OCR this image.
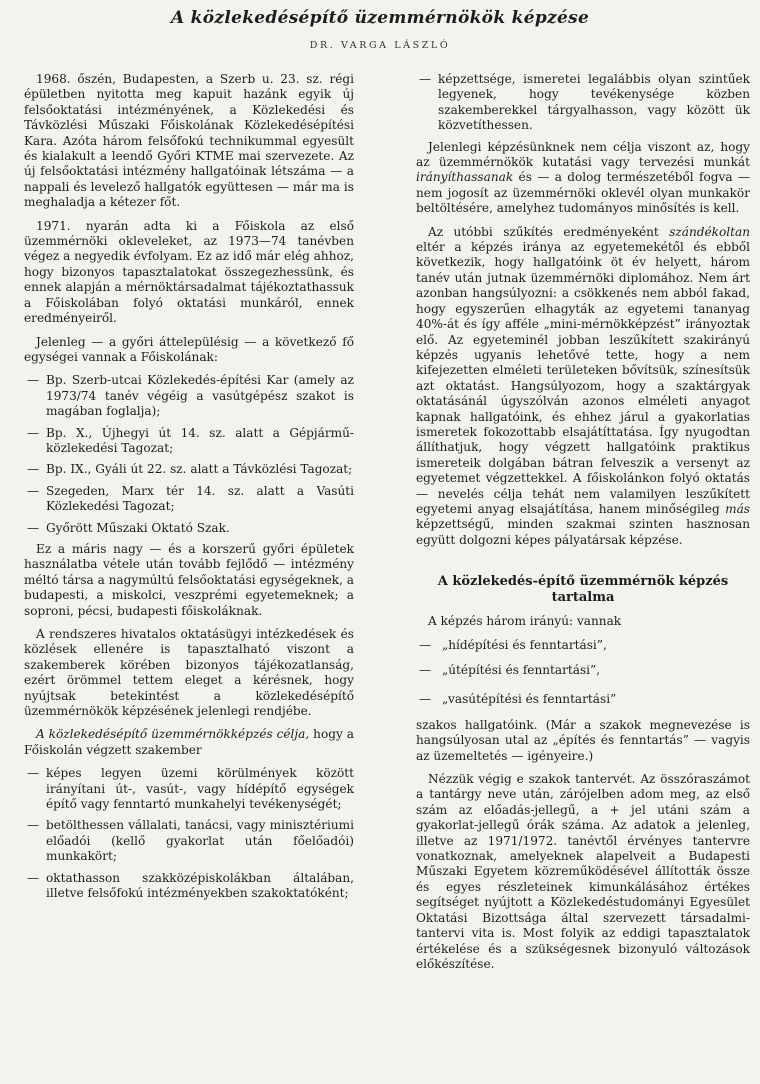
A közlekedésépítő üzemmérnökök képzése
DR. VARGA LÁSZLÓ

1968. őszén, Budapesten, a Szerb u. 23. sz. régi épületben nyitotta meg kapuit hazánk egyik új felsőoktatási intézményének, a Közlekedési és Távközlési Műszaki Főiskolának Közlekedésépítési Kara. Azóta három felsőfokú technikummal egyesült és kialakult a leendő Győri KTME mai szervezete. Az új felsőoktatási intézmény hallgatóinak létszáma — a nappali és levelező hallgatók együttesen — már ma is meghaladja a kétezer főt.

1971. nyarán adta ki a Főiskola az első üzemmérnöki okleveleket, az 1973—74 tanévben végez a negyedik évfolyam. Ez az idő már elég ahhoz, hogy bizonyos tapasztalatokat összegezhessünk, és ennek alapján a mérnöktársadalmat tájékoztathassuk a Főiskolában folyó oktatási munkáról, ennek eredményeiről.

Jelenleg — a győri áttelepülésig — a következő fő egységei vannak a Főiskolának:

— Bp. Szerb-utcai Közlekedés-építési Kar (amely az 1973/74 tanév végéig a vasútgépész szakot is magában foglalja);
— Bp. X., Újhegyi út 14. sz. alatt a Gépjármű-közlekedési Tagozat;
— Bp. IX., Gyáli út 22. sz. alatt a Távközlési Tagozat;
— Szegeden, Marx tér 14. sz. alatt a Vasúti Közlekedési Tagozat;
— Győrött Műszaki Oktató Szak.

Ez a máris nagy — és a korszerű győri épületek használatba vétele után tovább fejlődő — intézmény méltó társa a nagymúltú felsőoktatási egységeknek, a budapesti, a miskolci, veszprémi egyetemeknek; a soproni, pécsi, budapesti főiskoláknak.

A rendszeres hivatalos oktatásügyi intézkedések és közlések ellenére is tapasztalható viszont a szakemberek körében bizonyos tájékozatlanság, ezért örömmel tettem eleget a kérésnek, hogy nyújtsak betekintést a közlekedésépítő üzemmérnökök képzésének jelenlegi rendjébe.

A közlekedésépítő üzemmérnökképzés célja, hogy a Főiskolán végzett szakember

— képes legyen üzemi körülmények között irányítani út-, vasút-, vagy hídépítő egységek építő vagy fenntartó munkahelyi tevékenységét;
— betölthessen vállalati, tanácsi, vagy minisztériumi előadói (kellő gyakorlat után főelőadói) munkakört;
— oktathasson szakközépiskolákban általában, illetve felsőfokú intézményekben szakoktatóként;
— képzettsége, ismeretei legalábbis olyan szintűek legyenek, hogy tevékenysége közben szakemberekkel tárgyalhasson, vagy között ük közvetíthessen.

Jelenlegi képzésünknek nem célja viszont az, hogy az üzemmérnökök kutatási vagy tervezési munkát irányíthassanak és — a dolog természetéből fogva — nem jogosít az üzemmérnöki oklevél olyan munkakör beltöltésére, amelyhez tudományos minősítés is kell.

Az utóbbi szűkítés eredményeként szándékoltan eltér a képzés iránya az egyetemekétől és ebből következik, hogy hallgatóink öt év helyett, három tanév után jutnak üzemmérnöki diplomához. Nem árt azonban hangsúlyozni: a csökkenés nem abból fakad, hogy egyszerűen elhagyták az egyetemi tananyag 40%-át és így afféle „mini-mérnökképzést” irányoztak elő. Az egyeteminél jobban leszűkített szakirányú képzés ugyanis lehetővé tette, hogy a nem kifejezetten elméleti területeken bővítsük, színesítsük azt oktatást. Hangsúlyozom, hogy a szaktárgyak oktatásánál úgyszólván azonos elméleti anyagot kapnak hallgatóink, és ehhez járul a gyakorlatias ismeretek fokozottabb elsajátíttatása. Így nyugodtan állíthatjuk, hogy végzett hallgatóink praktikus ismereteik dolgában bátran felveszik a versenyt az egyetemet végzettekkel. A főiskolánkon folyó oktatás — nevelés célja tehát nem valamilyen leszűkített egyetemi anyag elsajátítása, hanem minőségileg más képzettségű, minden szakmai szinten hasznosan együtt dolgozni képes pályatársak képzése.

A közlekedés-építő üzemmérnök képzés tartalma

A képzés három irányú: vannak

— „hídépítési és fenntartási”,
— „útépítési és fenntartási”,
— „vasútépítési és fenntartási”

szakos hallgatóink. (Már a szakok megnevezése is hangsúlyosan utal az „építés és fenntartás” — vagyis az üzemeltetés — igényeire.)

Nézzük végig e szakok tantervét. Az összóraszámot a tantárgy neve után, zárójelben adom meg, az első szám az előadás-jellegű, a + jel utáni szám a gyakorlat-jellegű órák száma. Az adatok a jelenleg, illetve az 1971/1972. tanévtől érvényes tantervre vonatkoznak, amelyeknek alapelveit a Budapesti Műszaki Egyetem közreműködésével állították össze és egyes részleteinek kimunkálásához értékes segítséget nyújtott a Közlekedéstudományi Egyesület Oktatási Bizottsága által szervezett társadalmi-tantervi vita is. Most folyik az eddigi tapasztalatok értékelése és a szükségesnek bizonyuló változások előkészítése.
